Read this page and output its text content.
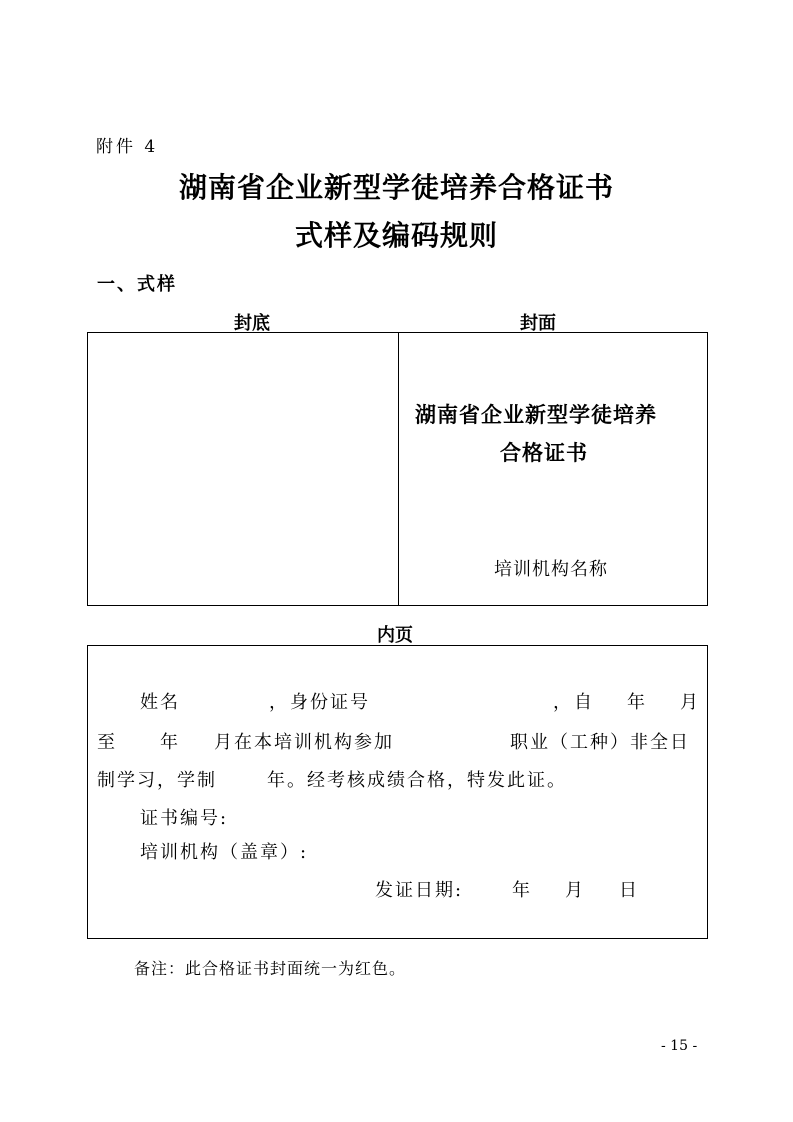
附件 4
湖南省企业新型学徒培养合格证书
式样及编码规则
一、式样
封底	封面
湖南省企业新型学徒培养
合格证书
培训机构名称
内页
姓名	， 身份证号	， 自 年 月
至 年 月在本培训机构参加	职业（工种）非全日
制学习，学制	年。经考核成绩合格，特发此证。
证书编号:
培训机构（盖章）:
发证日期:	年 月 日
备注：此合格证书封面统一为红色。
- 15 -
